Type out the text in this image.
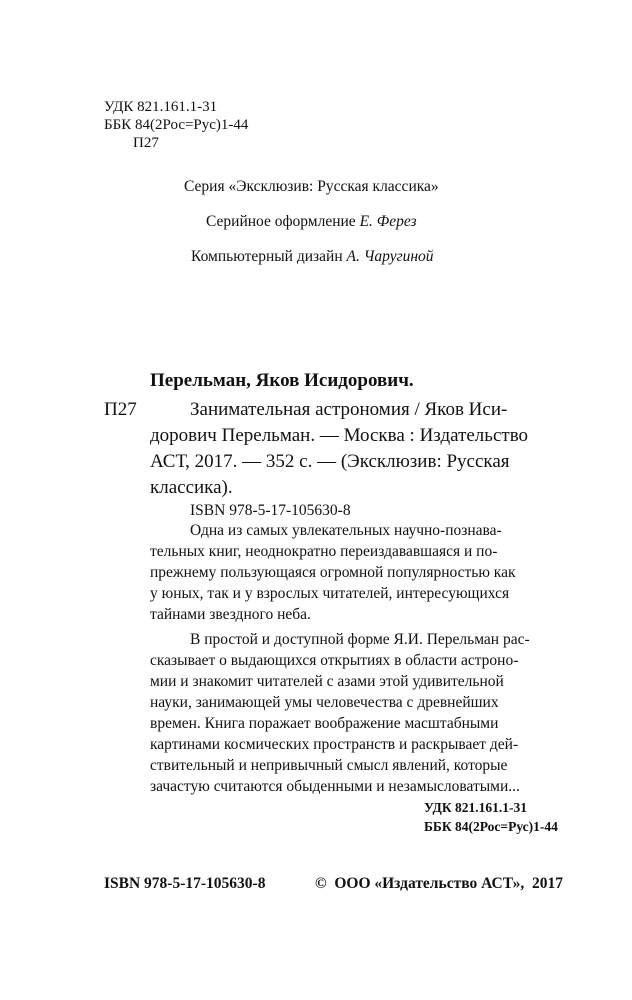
УДК 821.161.1-31
ББК 84(2Рос=Рус)1-44
П27
Серия «Эксклюзив: Русская классика»
Серийное оформление Е. Ферез
Компьютерный дизайн А. Чаругиной
Перельман, Яков Исидорович.
П27	Занимательная астрономия / Яков Иси-
дорович Перельман. — Москва : Издательство
АСТ, 2017. — 352 с. — (Эксклюзив: Русская
классика).
ISBN 978-5-17-105630-8
Одна из самых увлекательных научно-познава-
тельных книг, неоднократно переиздававшаяся и по-
прежнему пользующаяся огромной популярностью как
у юных, так и у взрослых читателей, интересующихся
тайнами звездного неба.
В простой и доступной форме Я.И. Перельман рас-
сказывает о выдающихся открытиях в области астроно-
мии и знакомит читателей с азами этой удивительной
науки, занимающей умы человечества с древнейших
времен. Книга поражает воображение масштабными
картинами космических пространств и раскрывает дей-
ствительный и непривычный смысл явлений, которые
зачастую считаются обыденными и незамысловатыми...
УДК 821.161.1-31
ББК 84(2Рос=Рус)1-44
ISBN 978-5-17-105630-8	©  ООО «Издательство АСТ»,  2017
